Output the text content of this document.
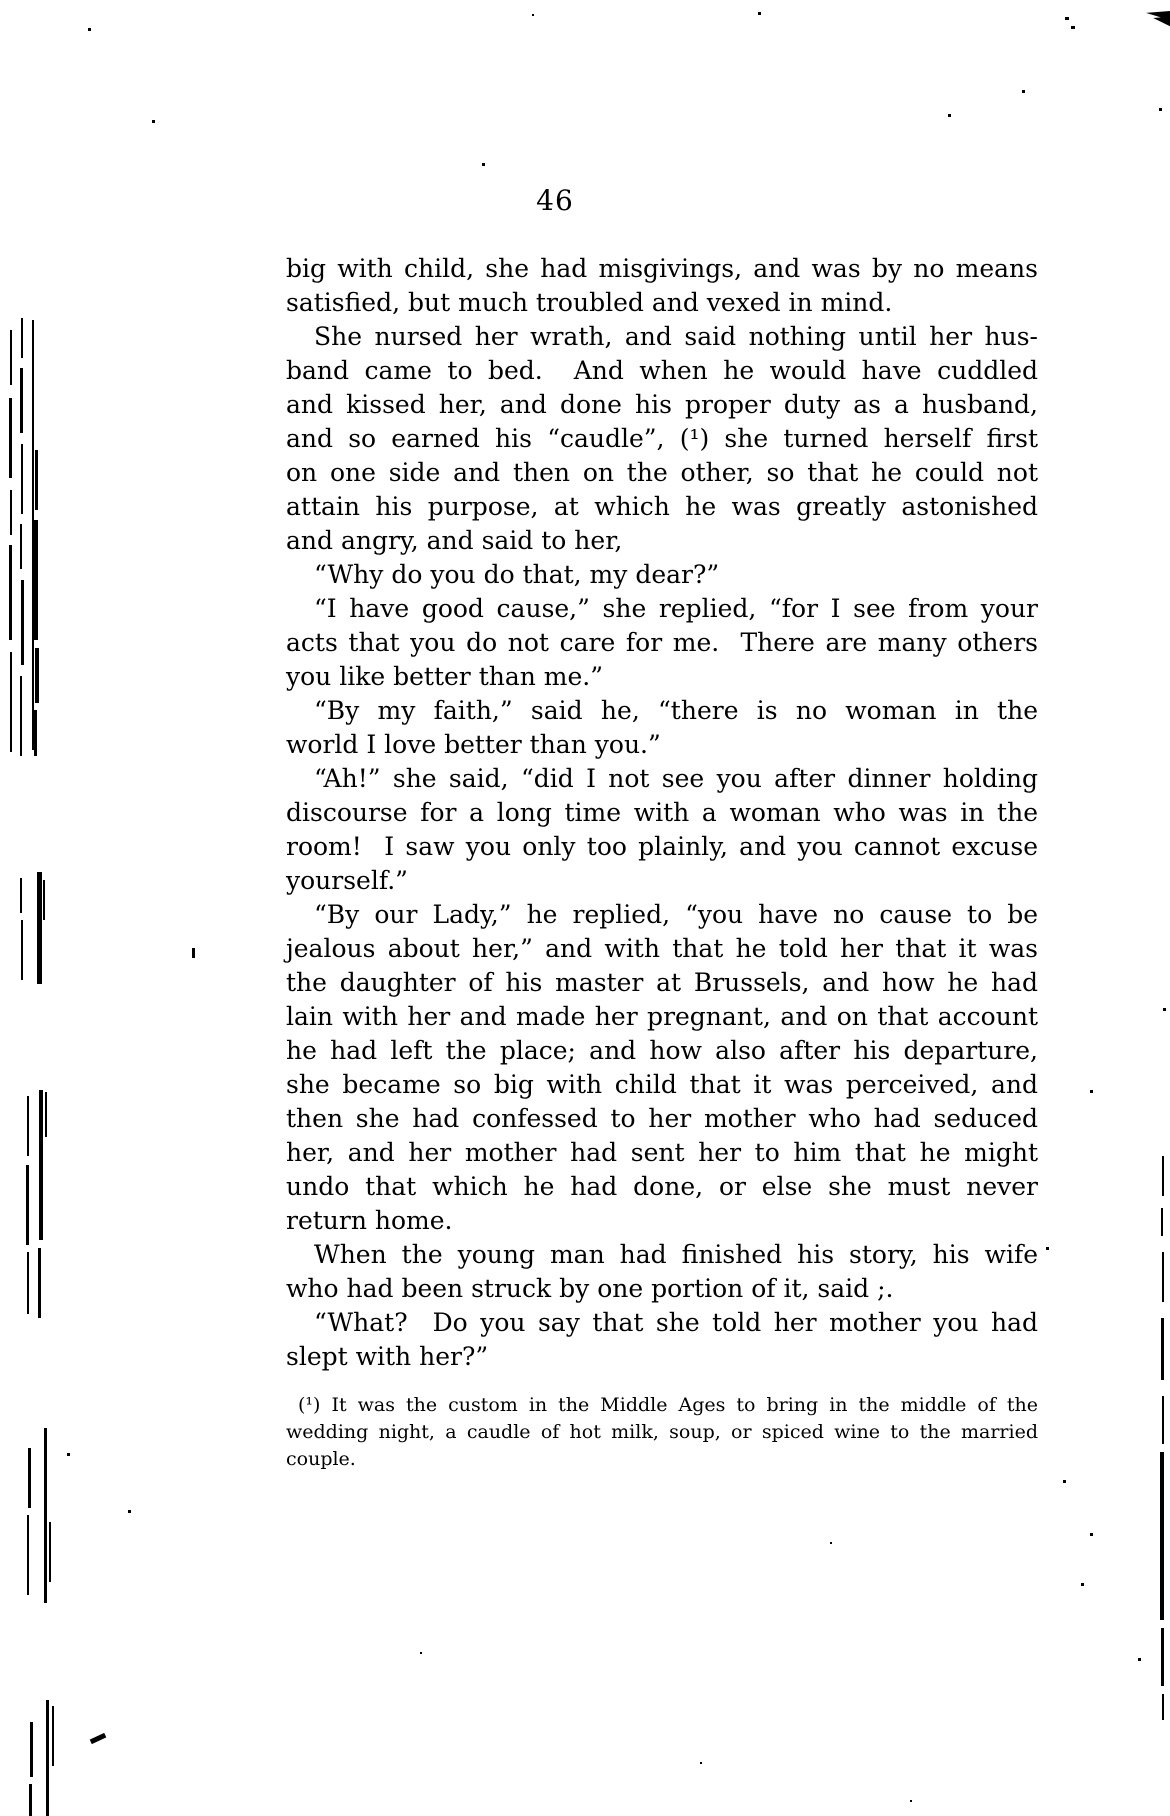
46
big with child, she had misgivings, and was by no means
satisfied, but much troubled and vexed in mind.
She nursed her wrath, and said nothing until her hus-
band came to bed.  And when he would have cuddled
and kissed her, and done his proper duty as a husband,
and so earned his “caudle”, (¹) she turned herself first
on one side and then on the other, so that he could not
attain his purpose, at which he was greatly astonished
and angry, and said to her,
“Why do you do that, my dear?”
“I have good cause,” she replied, “for I see from your
acts that you do not care for me.  There are many others
you like better than me.”
“By my faith,” said he, “there is no woman in the
world I love better than you.”
“Ah!” she said, “did I not see you after dinner holding
discourse for a long time with a woman who was in the
room!  I saw you only too plainly, and you cannot excuse
yourself.”
“By our Lady,” he replied, “you have no cause to be
jealous about her,” and with that he told her that it was
the daughter of his master at Brussels, and how he had
lain with her and made her pregnant, and on that account
he had left the place; and how also after his departure,
she became so big with child that it was perceived, and
then she had confessed to her mother who had seduced
her, and her mother had sent her to him that he might
undo that which he had done, or else she must never
return home.
When the young man had finished his story, his wife
who had been struck by one portion of it, said ;.
“What?  Do you say that she told her mother you had
slept with her?”
(¹) It was the custom in the Middle Ages to bring in the middle of the
wedding night, a caudle of hot milk, soup, or spiced wine to the married couple.
